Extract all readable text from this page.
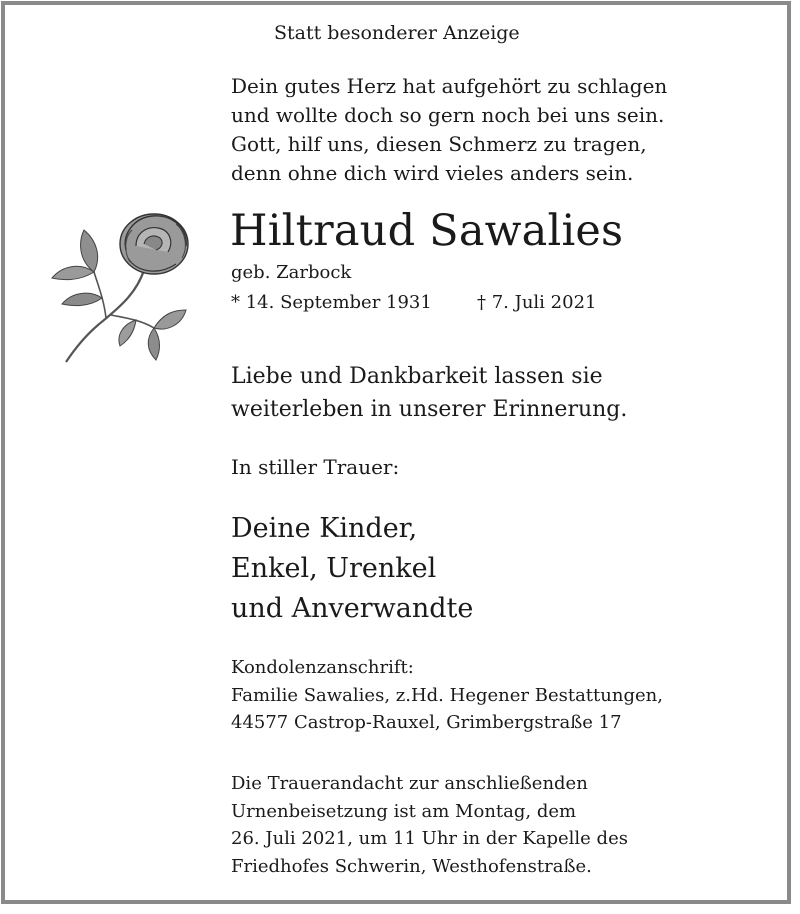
Statt besonderer Anzeige
Dein gutes Herz hat aufgehört zu schlagen
und wollte doch so gern noch bei uns sein.
Gott, hilf uns, diesen Schmerz zu tragen,
denn ohne dich wird vieles anders sein.
Hiltraud Sawalies
geb. Zarbock
* 14. September 1931	† 7. Juli 2021
Liebe und Dankbarkeit lassen sie
weiterleben in unserer Erinnerung.
In stiller Trauer:
Deine Kinder,
Enkel, Urenkel
und Anverwandte
Kondolenzanschrift:
Familie Sawalies, z.Hd. Hegener Bestattungen,
44577 Castrop-Rauxel, Grimbergstraße 17
Die Trauerandacht zur anschließenden
Urnenbeisetzung ist am Montag, dem
26. Juli 2021, um 11 Uhr in der Kapelle des
Friedhofes Schwerin, Westhofenstraße.
